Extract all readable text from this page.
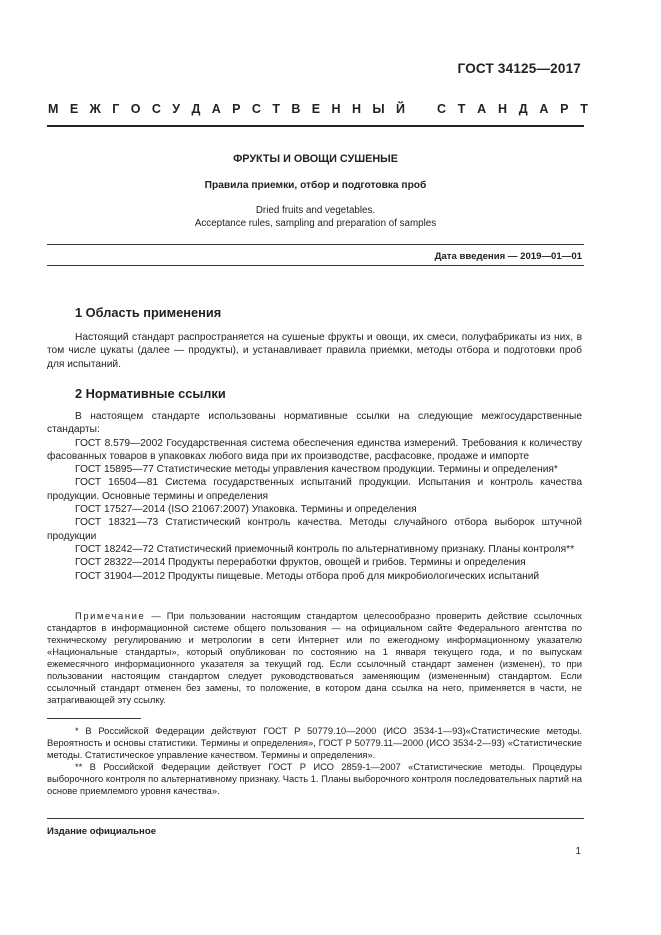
ГОСТ 34125—2017
М Е Ж Г О С У Д А Р С Т В Е Н Н Ы Й	С Т А Н Д А Р Т
ФРУКТЫ И ОВОЩИ СУШЕНЫЕ
Правила приемки, отбор и подготовка проб
Dried fruits and vegetables.
Acceptance rules, sampling and preparation of samples
Дата введения — 2019—01—01
1 Область применения

Настоящий стандарт распространяется на сушеные фрукты и овощи, их смеси, полуфабрикаты из них, в том числе цукаты (далее — продукты), и устанавливает правила приемки, методы отбора и подготовки проб для испытаний.

2 Нормативные ссылки

В настоящем стандарте использованы нормативные ссылки на следующие межгосударственные стандарты:

ГОСТ 8.579—2002 Государственная система обеспечения единства измерений. Требования к количеству фасованных товаров в упаковках любого вида при их производстве, расфасовке, продаже и импорте

ГОСТ 15895—77 Статистические методы управления качеством продукции. Термины и определения*

ГОСТ 16504—81 Система государственных испытаний продукции. Испытания и контроль качества продукции. Основные термины и определения

ГОСТ 17527—2014 (ISO 21067:2007) Упаковка. Термины и определения

ГОСТ 18321—73 Статистический контроль качества. Методы случайного отбора выборок штучной продукции

ГОСТ 18242—72 Статистический приемочный контроль по альтернативному признаку. Планы контроля**

ГОСТ 28322—2014 Продукты переработки фруктов, овощей и грибов. Термины и определения

ГОСТ 31904—2012 Продукты пищевые. Методы отбора проб для микробиологических испытаний

Примечание — При пользовании настоящим стандартом целесообразно проверить действие ссылочных стандартов в информационной системе общего пользования — на официальном сайте Федерального агентства по техническому регулированию и метрологии в сети Интернет или по ежегодному информационному указателю «Национальные стандарты», который опубликован по состоянию на 1 января текущего года, и по выпускам ежемесячного информационного указателя за текущий год. Если ссылочный стандарт заменен (изменен), то при пользовании настоящим стандартом следует руководствоваться заменяющим (измененным) стандартом. Если ссылочный стандарт отменен без замены, то положение, в котором дана ссылка на него, применяется в части, не затрагивающей эту ссылку.

* В Российской Федерации действуют ГОСТ Р 50779.10—2000 (ИСО 3534-1—93)«Статистические методы. Вероятность и основы статистики. Термины и определения», ГОСТ Р 50779.11—2000 (ИСО 3534-2—93) «Статистические методы. Статистическое управление качеством. Термины и определения».

** В Российской Федерации действует ГОСТ Р ИСО 2859-1—2007 «Статистические методы. Процедуры выборочного контроля по альтернативному признаку. Часть 1. Планы выборочного контроля последовательных партий на основе приемлемого уровня качества».

Издание официальное
1
